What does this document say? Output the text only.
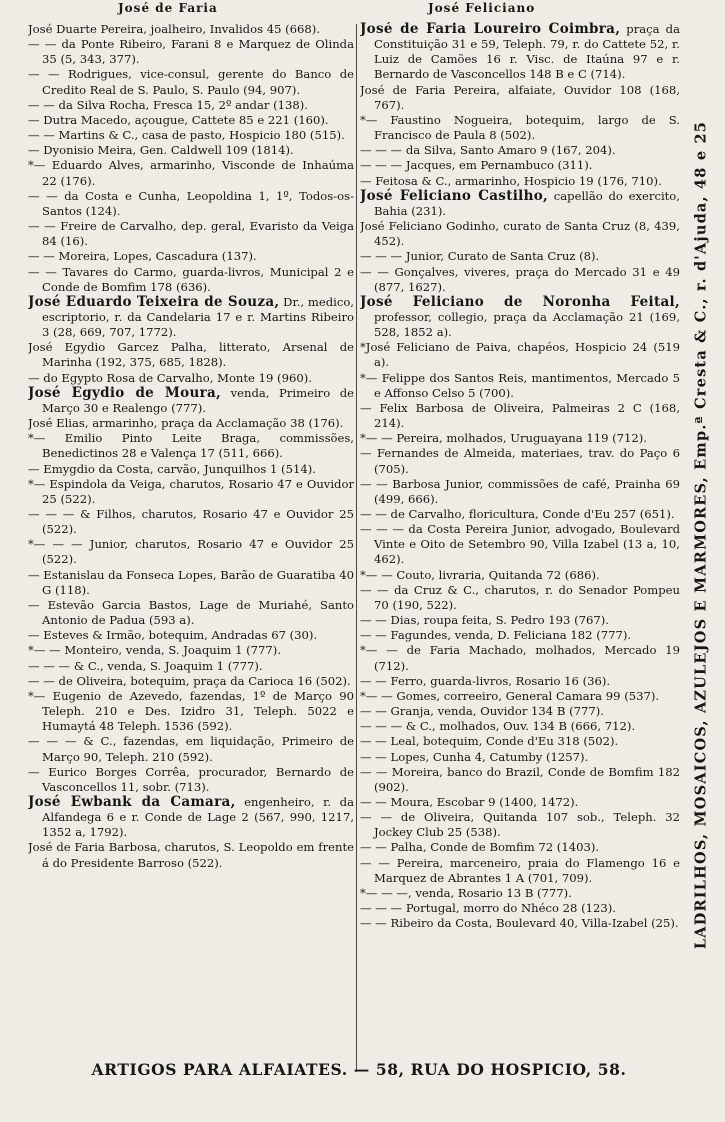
José de Faria	José Feliciano

José Duarte Pereira, joalheiro, Invalidos 45 (668).

— — da Ponte Ribeiro, Farani 8 e Marquez de Olinda 35 (5, 343, 377).

— — Rodrigues, vice-consul, gerente do Banco de Credito Real de S. Paulo, S. Paulo (94, 907).

— — da Silva Rocha, Fresca 15, 2º andar (138).

— Dutra Macedo, açougue, Cattete 85 e 221 (160).

— — Martins & C., casa de pasto, Hospicio 180 (515).

— Dyonisio Meira, Gen. Caldwell 109 (1814).

*— Eduardo Alves, armarinho, Visconde de Inhaúma 22 (176).

— — da Costa e Cunha, Leopoldina 1, 1º, Todos-os-Santos (124).

— — Freire de Carvalho, dep. geral, Evaristo da Veiga 84 (16).

— — Moreira, Lopes, Cascadura (137).

— — Tavares do Carmo, guarda-livros, Municipal 2 e Conde de Bomfim 178 (636).

José Eduardo Teixeira de Souza, Dr., medico, escriptorio, r. da Candelaria 17 e r. Martins Ribeiro 3 (28, 669, 707, 1772).

José Egydio Garcez Palha, litterato, Arsenal de Marinha (192, 375, 685, 1828).

— do Egypto Rosa de Carvalho, Monte 19 (960).

José Egydio de Moura, venda, Primeiro de Março 30 e Realengo (777).

José Elias, armarinho, praça da Acclamação 38 (176).

*— Emilio Pinto Leite Braga, commissões, Benedictinos 28 e Valença 17 (511, 666).

— Emygdio da Costa, carvão, Junquilhos 1 (514).

*— Espindola da Veiga, charutos, Rosario 47 e Ouvidor 25 (522).

— — — & Filhos, charutos, Rosario 47 e Ouvidor 25 (522).

*— — — Junior, charutos, Rosario 47 e Ouvidor 25 (522).

— Estanislau da Fonseca Lopes, Barão de Guaratiba 40 G (118).

— Estevão Garcia Bastos, Lage de Muriahé, Santo Antonio de Padua (593 a).

— Esteves & Irmão, botequim, Andradas 67 (30).

*— — Monteiro, venda, S. Joaquim 1 (777).

— — — & C., venda, S. Joaquim 1 (777).

— — de Oliveira, botequim, praça da Carioca 16 (502).

*— Eugenio de Azevedo, fazendas, 1º de Março 90 Teleph. 210 e Des. Izidro 31, Teleph. 5022 e Humaytá 48 Teleph. 1536 (592).

— — — & C., fazendas, em liquidação, Primeiro de Março 90, Teleph. 210 (592).

— Eurico Borges Corrêa, procurador, Bernardo de Vasconcellos 11, sobr. (713).

José Ewbank da Camara, engenheiro, r. da Alfandega 6 e r. Conde de Lage 2 (567, 990, 1217, 1352 a, 1792).

José de Faria Barbosa, charutos, S. Leopoldo em frente á do Presidente Barroso (522).

José de Faria Loureiro Coimbra, praça da Constituição 31 e 59, Teleph. 79, r. do Cattete 52, r. Luiz de Camões 16 r. Visc. de Itaúna 97 e r. Bernardo de Vasconcellos 148 B e C (714).

José de Faria Pereira, alfaiate, Ouvidor 108 (168, 767).

*— Faustino Nogueira, botequim, largo de S. Francisco de Paula 8 (502).

— — — da Silva, Santo Amaro 9 (167, 204).

— — — Jacques, em Pernambuco (311).

— Feitosa & C., armarinho, Hospicio 19 (176, 710).

José Feliciano Castilho, capellão do exercito, Bahia (231).

José Feliciano Godinho, curato de Santa Cruz (8, 439, 452).

— — — Junior, Curato de Santa Cruz (8).

— — Gonçalves, viveres, praça do Mercado 31 e 49 (877, 1627).

José Feliciano de Noronha Feital, professor, collegio, praça da Acclamação 21 (169, 528, 1852 a).

*José Feliciano de Paiva, chapéos, Hospicio 24 (519 a).

*— Felippe dos Santos Reis, mantimentos, Mercado 5 e Affonso Celso 5 (700).

— Felix Barbosa de Oliveira, Palmeiras 2 C (168, 214).

*— — Pereira, molhados, Uruguayana 119 (712).

— Fernandes de Almeida, materiaes, trav. do Paço 6 (705).

— — Barbosa Junior, commissões de café, Prainha 69 (499, 666).

— — de Carvalho, floricultura, Conde d'Eu 257 (651).

— — — da Costa Pereira Junior, advogado, Boulevard Vinte e Oito de Setembro 90, Villa Izabel (13 a, 10, 462).

*— — Couto, livraria, Quitanda 72 (686).

— — da Cruz & C., charutos, r. do Senador Pompeu 70 (190, 522).

— — Dias, roupa feita, S. Pedro 193 (767).

— — Fagundes, venda, D. Feliciana 182 (777).

*— — de Faria Machado, molhados, Mercado 19 (712).

— — Ferro, guarda-livros, Rosario 16 (36).

*— — Gomes, correeiro, General Camara 99 (537).

— — Granja, venda, Ouvidor 134 B (777).

— — — & C., molhados, Ouv. 134 B (666, 712).

— — Leal, botequim, Conde d'Eu 318 (502).

— — Lopes, Cunha 4, Catumby (1257).

— — Moreira, banco do Brazil, Conde de Bomfim 182 (902).

— — Moura, Escobar 9 (1400, 1472).

— — de Oliveira, Quitanda 107 sob., Teleph. 32 Jockey Club 25 (538).

— — Palha, Conde de Bomfim 72 (1403).

— — Pereira, marceneiro, praia do Flamengo 16 e Marquez de Abrantes 1 A (701, 709).

*— — —, venda, Rosario 13 B (777).

— — — Portugal, morro do Nhéco 28 (123).

— — Ribeiro da Costa, Boulevard 40, Villa-Izabel (25). LADRILHOS, MOSAICOS, AZULEJOS E MARMORES, Emp.ª Cresta & C., r. d'Ajuda, 48 e 25
ARTIGOS PARA ALFAIATES. — 58, RUA DO HOSPICIO, 58.
